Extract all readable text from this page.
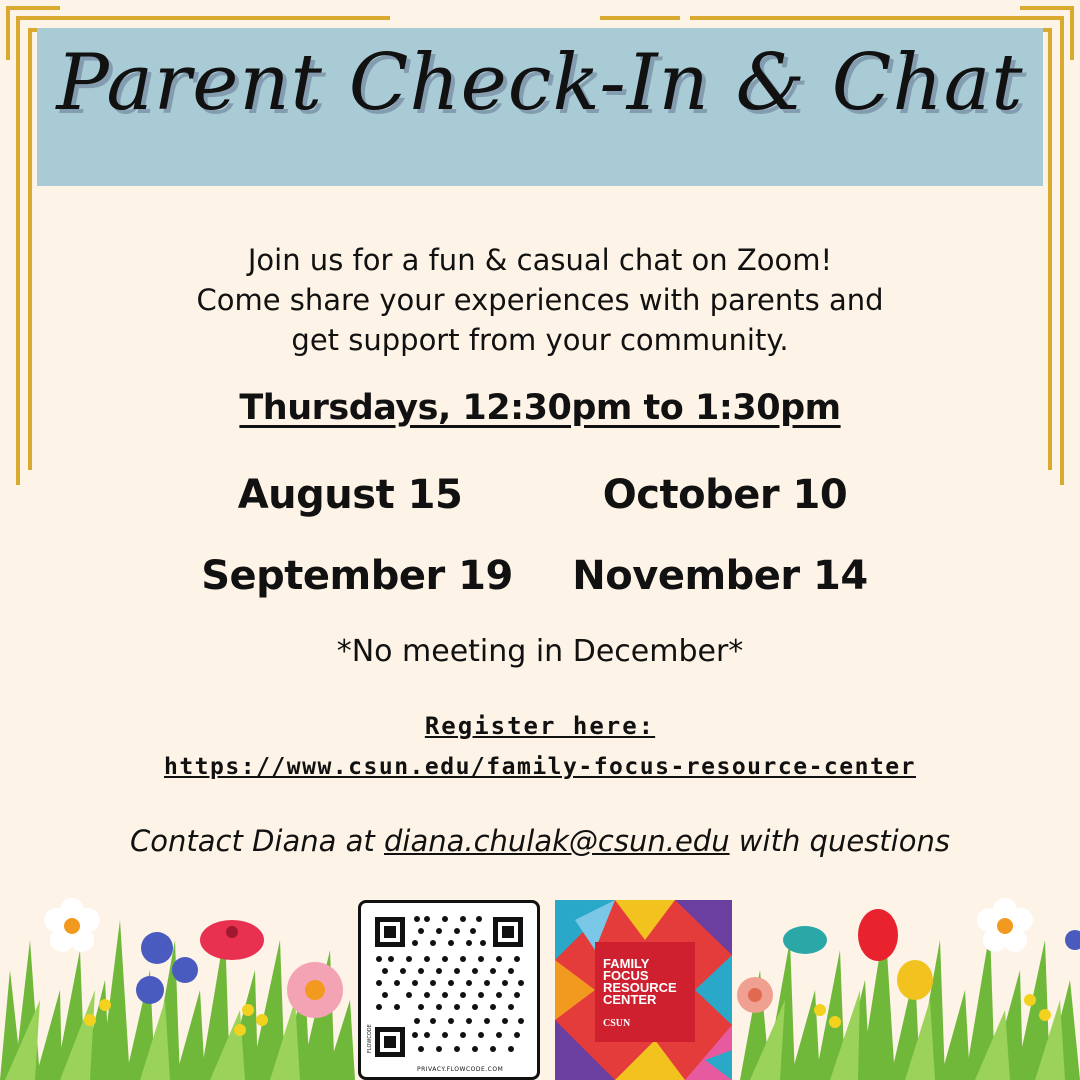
Parent Check-In & Chat
Join us for a fun & casual chat on Zoom!
Come share your experiences with parents and
get support from your community.
Thursdays, 12:30pm to 1:30pm
August 15	October 10
September 19	November 14
*No meeting in December*
Register here:
https://www.csun.edu/family-focus-resource-center
Contact Diana at diana.chulak@csun.edu with questions
FLOWCODE
PRIVACY.FLOWCODE.COM
FAMILY FOCUS RESOURCE CENTER
CSUN
